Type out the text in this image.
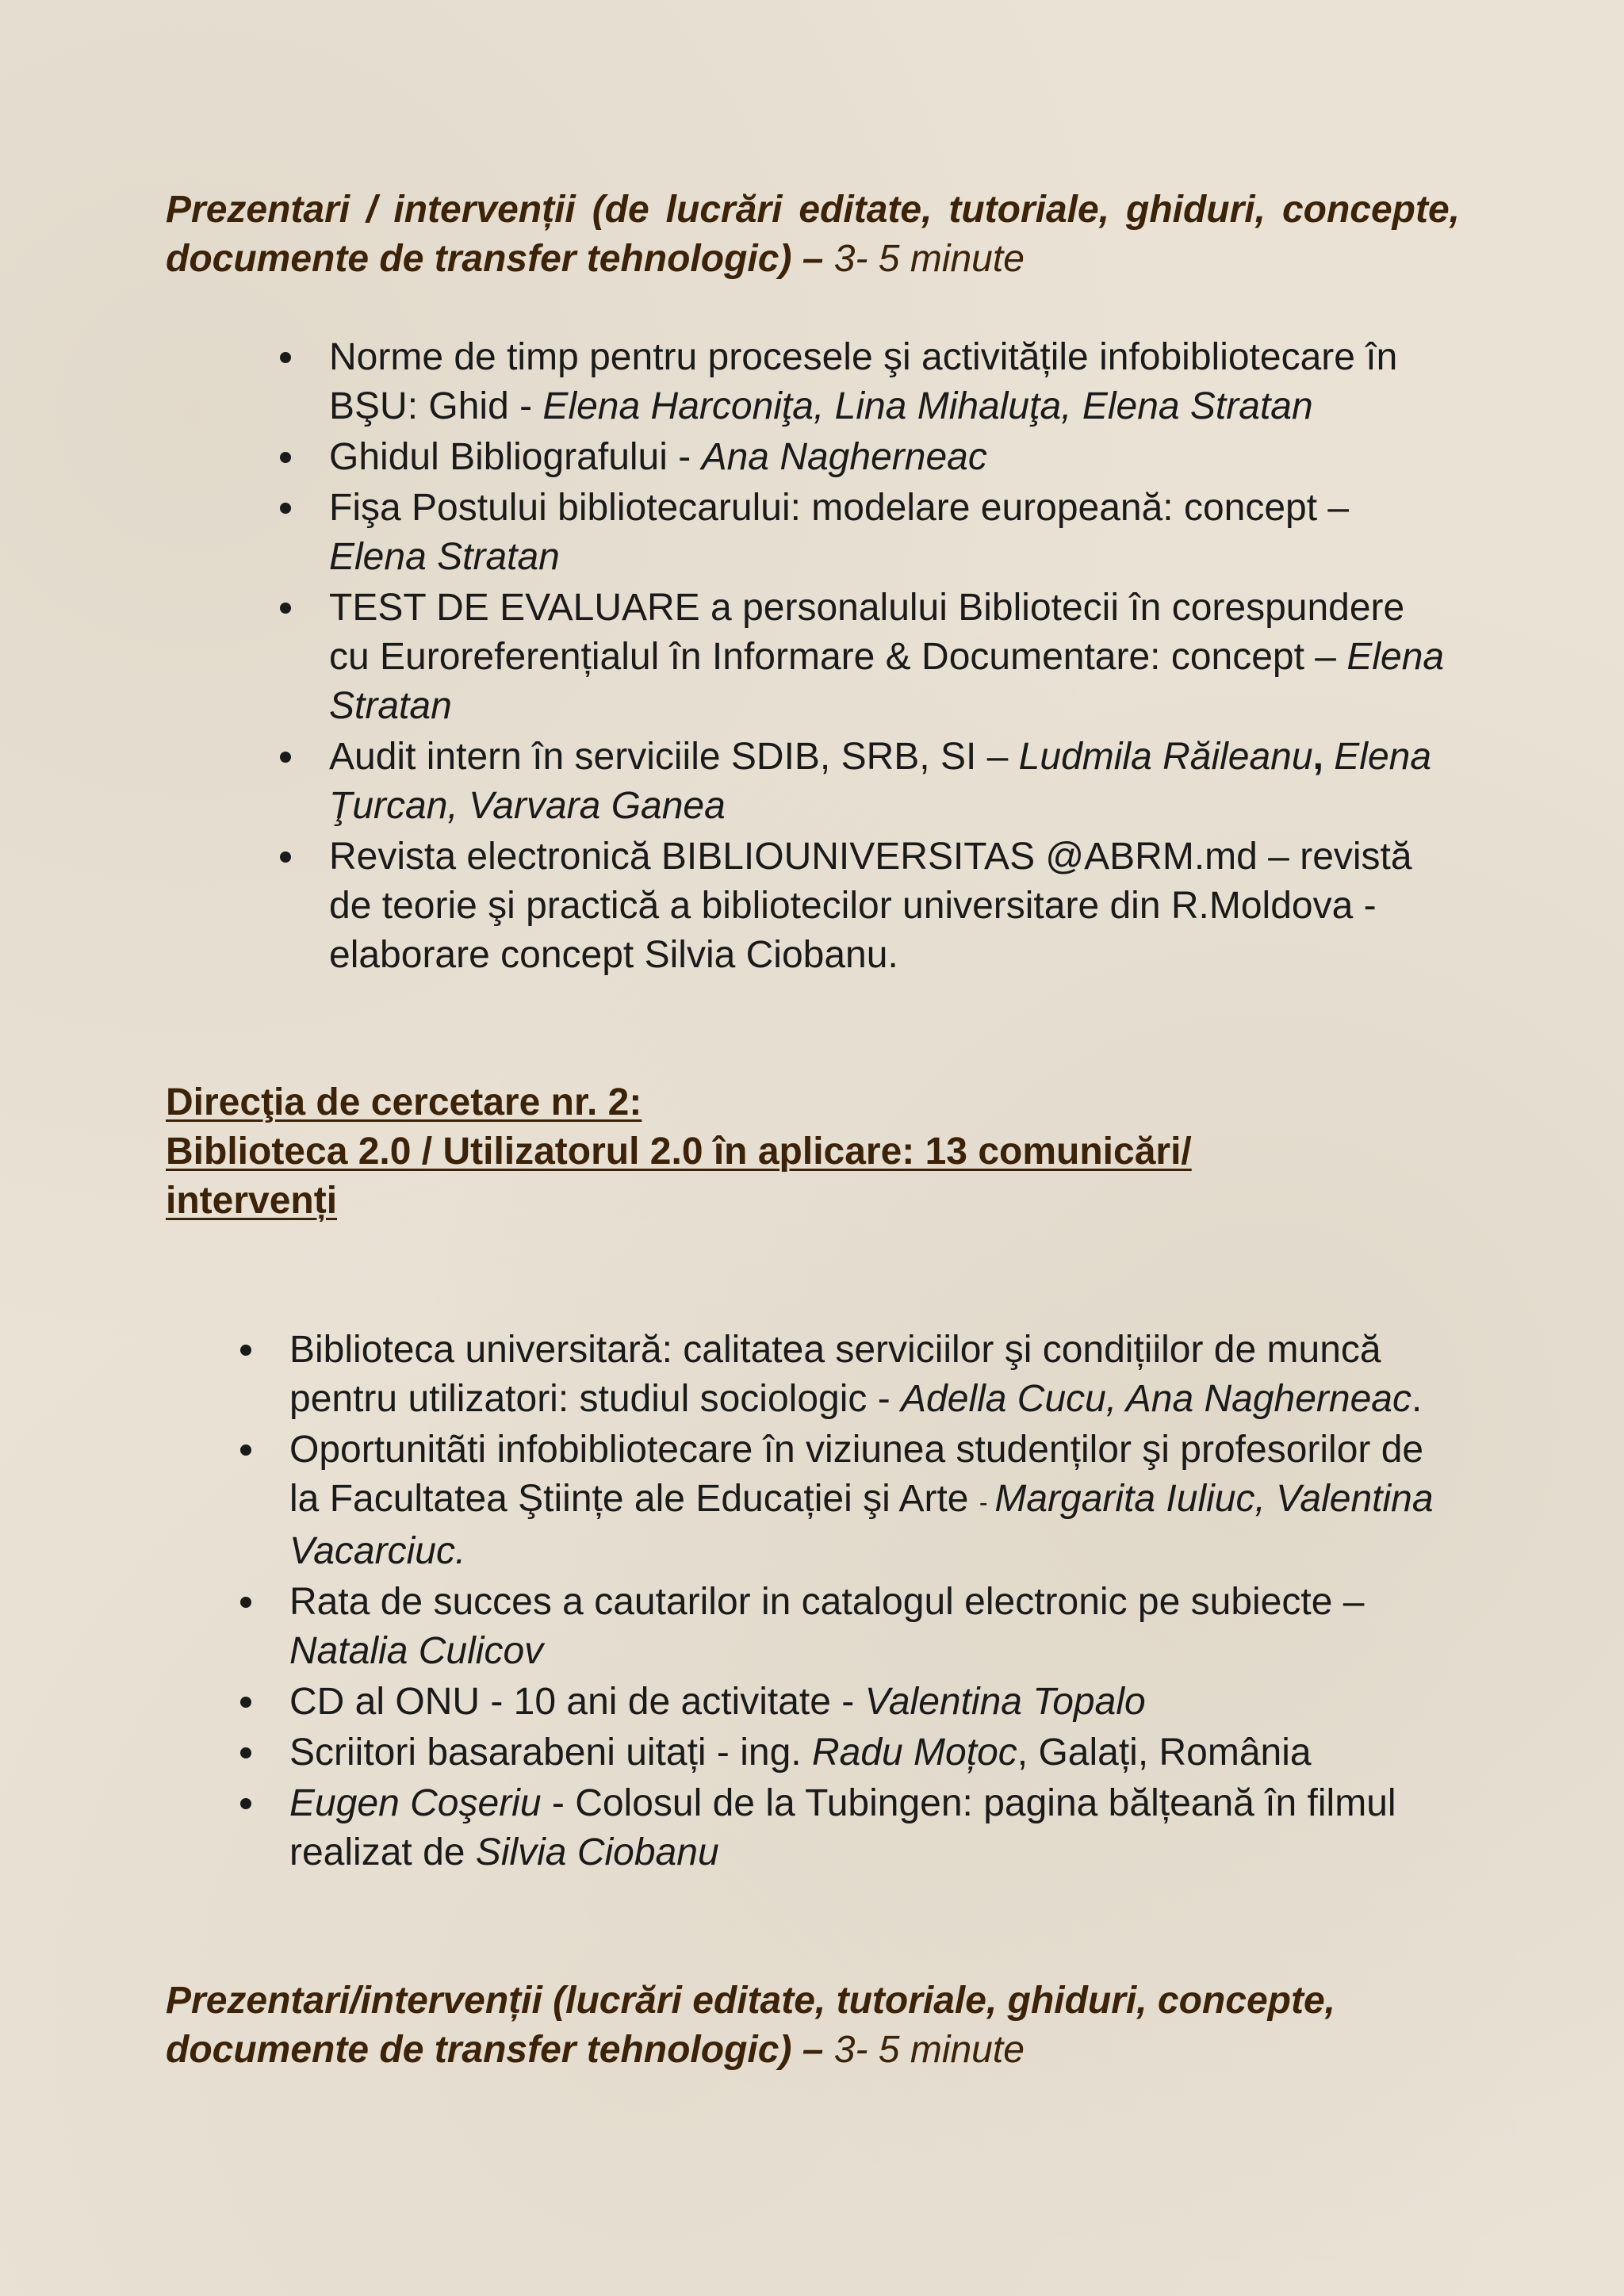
Prezentari / intervenții (de lucrări editate, tutoriale, ghiduri, concepte, documente de transfer tehnologic) – 3- 5 minute

Norme de timp pentru procesele şi activitățile infobibliotecare în BŞU: Ghid - Elena Harconiţa, Lina Mihaluţa, Elena Stratan
Ghidul Bibliografului - Ana Nagherneac
Fişa Postului bibliotecarului: modelare europeană: concept – Elena Stratan
TEST DE EVALUARE a personalului Bibliotecii în corespundere cu Euroreferențialul în Informare & Documentare: concept – Elena Stratan
Audit intern în serviciile SDIB, SRB, SI – Ludmila Răileanu, Elena Ţurcan, Varvara Ganea
Revista electronică BIBLIOUNIVERSITAS @ABRM.md – revistă de teorie şi practică a bibliotecilor universitare din R.Moldova - elaborare concept Silvia Ciobanu.
Direcţia de cercetare nr. 2:
Biblioteca 2.0 / Utilizatorul 2.0 în aplicare: 13 comunicări/
intervenți
Biblioteca universitară: calitatea serviciilor şi condițiilor de muncă pentru utilizatori: studiul sociologic - Adella Cucu, Ana Nagherneac.
Oportunitãti infobibliotecare în viziunea studenților şi profesorilor de la Facultatea Ştiințe ale Educației şi Arte - Margarita Iuliuc, Valentina Vacarciuc.
Rata de succes a cautarilor in catalogul electronic pe subiecte – Natalia Culicov
CD al ONU - 10 ani de activitate - Valentina Topalo
Scriitori basarabeni uitați - ing. Radu Moțoc, Galați, România
Eugen Coşeriu - Colosul de la Tubingen: pagina bălțeană în filmul realizat de Silvia Ciobanu

Prezentari/intervenții (lucrări editate, tutoriale, ghiduri, concepte, documente de transfer tehnologic) – 3- 5 minute
